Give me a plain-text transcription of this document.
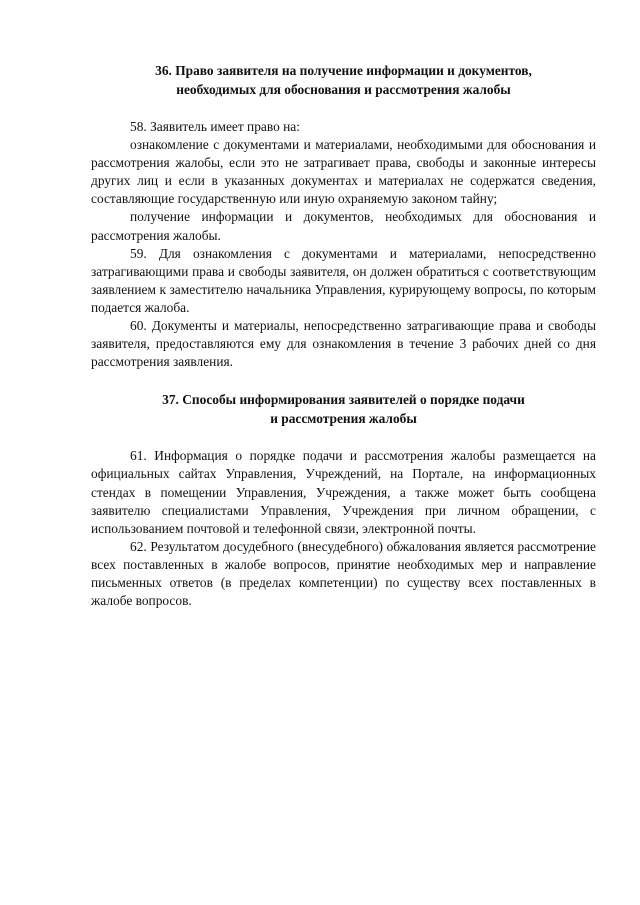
36. Право заявителя на получение информации и документов,
необходимых для обоснования и рассмотрения жалобы

58. Заявитель имеет право на:

ознакомление с документами и материалами, необходимыми для обоснования и рассмотрения жалобы, если это не затрагивает права, свободы и законные интересы других лиц и если в указанных документах и материалах не содержатся сведения, составляющие государственную или иную охраняемую законом тайну;

получение информации и документов, необходимых для обоснования и рассмотрения жалобы.

59. Для ознакомления с документами и материалами, непосредственно затрагивающими права и свободы заявителя, он должен обратиться с соответствующим заявлением к заместителю начальника Управления, курирующему вопросы, по которым подается жалоба.

60. Документы и материалы, непосредственно затрагивающие права и свободы заявителя, предоставляются ему для ознакомления в течение 3 рабочих дней со дня рассмотрения заявления.

37. Способы информирования заявителей о порядке подачи
и рассмотрения жалобы

61. Информация о порядке подачи и рассмотрения жалобы размещается на официальных сайтах Управления, Учреждений, на Портале, на информационных стендах в помещении Управления, Учреждения, а также может быть сообщена заявителю специалистами Управления, Учреждения при личном обращении, с использованием почтовой и телефонной связи, электронной почты.

62. Результатом досудебного (внесудебного) обжалования является рассмотрение всех поставленных в жалобе вопросов, принятие необходимых мер и направление письменных ответов (в пределах компетенции) по существу всех поставленных в жалобе вопросов.
